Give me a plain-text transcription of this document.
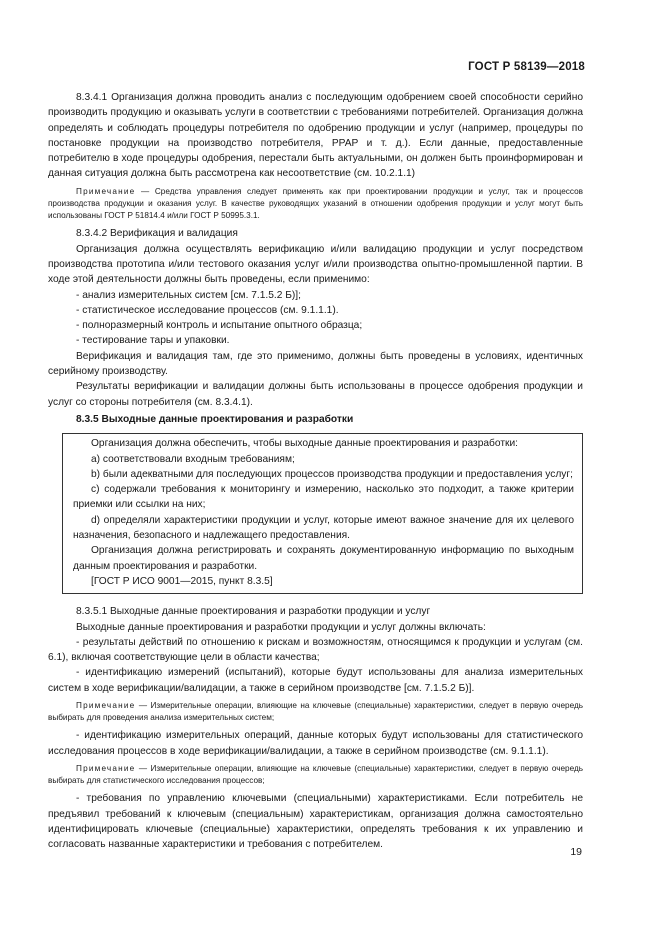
ГОСТ Р 58139—2018

8.3.4.1 Организация должна проводить анализ с последующим одобрением своей способности серийно производить продукцию и оказывать услуги в соответствии с требованиями потребителей. Организация должна определять и соблюдать процедуры потребителя по одобрению продукции и услуг (например, процедуры по постановке продукции на производство потребителя, PPAP и т. д.). Если данные, предоставленные потребителю в ходе процедуры одобрения, перестали быть актуальными, он должен быть проинформирован и данная ситуация должна быть рассмотрена как несоответствие (см. 10.2.1.1)

Примечание — Средства управления следует применять как при проектировании продукции и услуг, так и процессов производства продукции и оказания услуг. В качестве руководящих указаний в отношении одобрения продукции и услуг могут быть использованы ГОСТ Р 51814.4 и/или ГОСТ Р 50995.3.1.

8.3.4.2 Верификация и валидация

Организация должна осуществлять верификацию и/или валидацию продукции и услуг посредством производства прототипа и/или тестового оказания услуг и/или производства опытно-промышленной партии. В ходе этой деятельности должны быть проведены, если применимо:

- анализ измерительных систем [см. 7.1.5.2 Б)];

- статистическое исследование процессов (см. 9.1.1.1).

- полноразмерный контроль и испытание опытного образца;

- тестирование тары и упаковки.

Верификация и валидация там, где это применимо, должны быть проведены в условиях, идентичных серийному производству.

Результаты верификации и валидации должны быть использованы в процессе одобрения продукции и услуг со стороны потребителя (см. 8.3.4.1).

8.3.5 Выходные данные проектирования и разработки

Организация должна обеспечить, чтобы выходные данные проектирования и разработки:

a) соответствовали входным требованиям;

b) были адекватными для последующих процессов производства продукции и предоставления услуг;

c) содержали требования к мониторингу и измерению, насколько это подходит, а также критерии приемки или ссылки на них;

d) определяли характеристики продукции и услуг, которые имеют важное значение для их целевого назначения, безопасного и надлежащего предоставления.

Организация должна регистрировать и сохранять документированную информацию по выходным данным проектирования и разработки.

[ГОСТ Р ИСО 9001—2015, пункт 8.3.5]

8.3.5.1 Выходные данные проектирования и разработки продукции и услуг

Выходные данные проектирования и разработки продукции и услуг должны включать:

- результаты действий по отношению к рискам и возможностям, относящимся к продукции и услугам (см. 6.1), включая соответствующие цели в области качества;

- идентификацию измерений (испытаний), которые будут использованы для анализа измерительных систем в ходе верификации/валидации, а также в серийном производстве [см. 7.1.5.2 Б)].

Примечание — Измерительные операции, влияющие на ключевые (специальные) характеристики, следует в первую очередь выбирать для проведения анализа измерительных систем;

- идентификацию измерительных операций, данные которых будут использованы для статистического исследования процессов в ходе верификации/валидации, а также в серийном производстве (см. 9.1.1.1).

Примечание — Измерительные операции, влияющие на ключевые (специальные) характеристики, следует в первую очередь выбирать для статистического исследования процессов;

- требования по управлению ключевыми (специальными) характеристиками. Если потребитель не предъявил требований к ключевым (специальным) характеристикам, организация должна самостоятельно идентифицировать ключевые (специальные) характеристики, определять требования к их управлению и согласовать названные характеристики и требования с потребителем.

19
